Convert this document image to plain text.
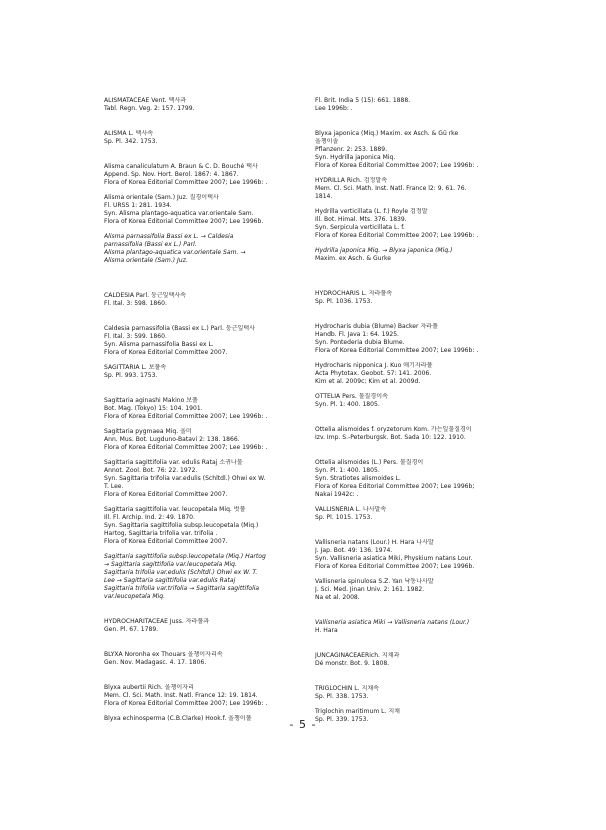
ALISMATACEAE Vent. 택사과
Tabl. Regn. Veg. 2: 157. 1799.
ALISMA L. 택사속
Sp. Pl. 342. 1753.
Alisma canaliculatum A. Braun & C. D. Bouché 택사
Append. Sp. Nov. Hort. Berol. 1867: 4. 1867.
Flora of Korea Editorial Committee 2007; Lee 1996b: .
Alisma orientale (Sam.) Juz. 질경이택사
Fl. URSS 1: 281. 1934.
Syn. Alisma plantago-aquatica var.orientale Sam.
Flora of Korea Editorial Committee 2007; Lee 1996b.
Alisma parnassifolia Bassi ex L. → Caldesia
parnassifolia (Bassi ex L.) Parl.
Alisma plantago-aquatica var.orientale Sam. →
Alisma orientale (Sam.) Juz.
CALDESIA Parl. 둥근잎택사속
Fl. Ital. 3: 598. 1860.
Caldesia parnassifolia (Bassi ex L.) Parl. 둥근잎택사
Fl. Ital. 3: 599. 1860.
Syn. Alisma parnassifolia Bassi ex L.
Flora of Korea Editorial Committee 2007.
SAGITTARIA L. 보풀속
Sp. Pl. 993. 1753.
Sagittaria aginashi Makino 보풀
Bot. Mag. (Tokyo) 15: 104. 1901.
Flora of Korea Editorial Committee 2007; Lee 1996b: .
Sagittaria pygmaea Miq. 올미
Ann. Mus. Bot. Lugduno-Batavi 2: 138. 1866.
Flora of Korea Editorial Committee 2007; Lee 1996b: .
Sagittaria sagittifolia var. edulis Rataj 소귀나물
Annot. Zool. Bot. 76: 22. 1972.
Syn. Sagittaria trifolia var.edulis (Schltdl.) Ohwi ex W.
T. Lee.
Flora of Korea Editorial Committee 2007.
Sagittaria sagittifolia var. leucopetala Miq. 벗풀
Ill. Fl. Archip. Ind. 2: 49. 1870.
Syn. Sagittaria sagittifolia subsp.leucopetala (Miq.)
Hartog, Sagittaria trifolia var. trifolia .
Flora of Korea Editorial Committee 2007.
Sagittaria sagittifolia subsp.leucopetala (Miq.) Hartog
→ Sagittaria sagittifolia var.leucopetala Miq.
Sagittaria trifolia var.edulis (Schltdl.) Ohwi ex W. T.
Lee → Sagittaria sagittifolia var.edulis Rataj
Sagittaria trifolia var.trifolia → Sagittaria sagittifolia
var.leucopetala Miq.
HYDROCHARITACEAE Juss. 자라풀과
Gen. Pl. 67. 1789.
BLYXA Noronha ex Thouars 올챙이자리속
Gen. Nov. Madagasc. 4. 17. 1806.
Blyxa aubertii Rich. 올챙이자리
Mem. Cl. Sci. Math. Inst. Natl. France 12: 19. 1814.
Flora of Korea Editorial Committee 2007; Lee 1996b: .
Blyxa echinosperma (C.B.Clarke) Hook.f. 올챙이풀
Fl. Brit. India 5 (15): 661. 1888.
Lee 1996b: .
Blyxa japonica (Miq.) Maxim. ex Asch. & Gü rke
올챙이솔
Pflanzenr. 2: 253. 1889.
Syn. Hydrilla japonica Miq.
Flora of Korea Editorial Committee 2007; Lee 1996b: .
HYDRILLA Rich. 검정말속
Mem. Cl. Sci. Math. Inst. Natl. France l2: 9. 61. 76.
1814.
Hydrilla verticillata (L. f.) Royle 검정말
Ill. Bot. Himal. Mts. 376. 1839.
Syn. Serpicula verticillata L. f.
Flora of Korea Editorial Committee 2007; Lee 1996b: .
Hydrilla japonica Miq. → Blyxa japonica (Miq.)
Maxim. ex Asch. & Gurke
HYDROCHARIS L. 자라풀속
Sp. Pl. 1036. 1753.
Hydrocharis dubia (Blume) Backer 자라풀
Handb. Fl. Java 1: 64. 1925.
Syn. Pontederia dubia Blume.
Flora of Korea Editorial Committee 2007; Lee 1996b: .
Hydrocharis nipponica J. Kuo 애기자라풀
Acta Phytotax. Geobot. 57: 141. 2006.
Kim et al. 2009c; Kim et al. 2009d.
OTTELIA Pers. 물질경이속
Syn. Pl. 1: 400. 1805.
Ottelia alismoides f. oryzetorum Kom. 가는잎물질경이
Izv. Imp. S.-Peterburgsk. Bot. Sada 10: 122. 1910.
Ottelia alismoides (L.) Pers. 물질경이
Syn. Pl. 1: 400. 1805.
Syn. Stratiotes alismoides L.
Flora of Korea Editorial Committee 2007; Lee 1996b;
Nakai 1942c: .
VALLISNERIA L. 나사말속
Sp. Pl. 1015. 1753.
Vallisneria natans (Lour.) H. Hara 나사말
J. Jap. Bot. 49: 136. 1974.
Syn. Vallisneria asiatica Miki, Physkium natans Lour.
Flora of Korea Editorial Committee 2007; Lee 1996b.
Vallisneria spinulosa S.Z. Yan 낙동나사말
J. Sci. Med. Jinan Univ. 2: 161. 1982.
Na et al. 2008.
Vallisneria asiatica Miki → Vallisneria natans (Lour.)
H. Hara
JUNCAGINACEAERich. 지채과
Dé monstr. Bot. 9. 1808.
TRIGLOCHIN L. 지채속
Sp. Pl. 338. 1753.
Triglochin maritimum L. 지채
Sp. Pl. 339. 1753.
- 5 -
